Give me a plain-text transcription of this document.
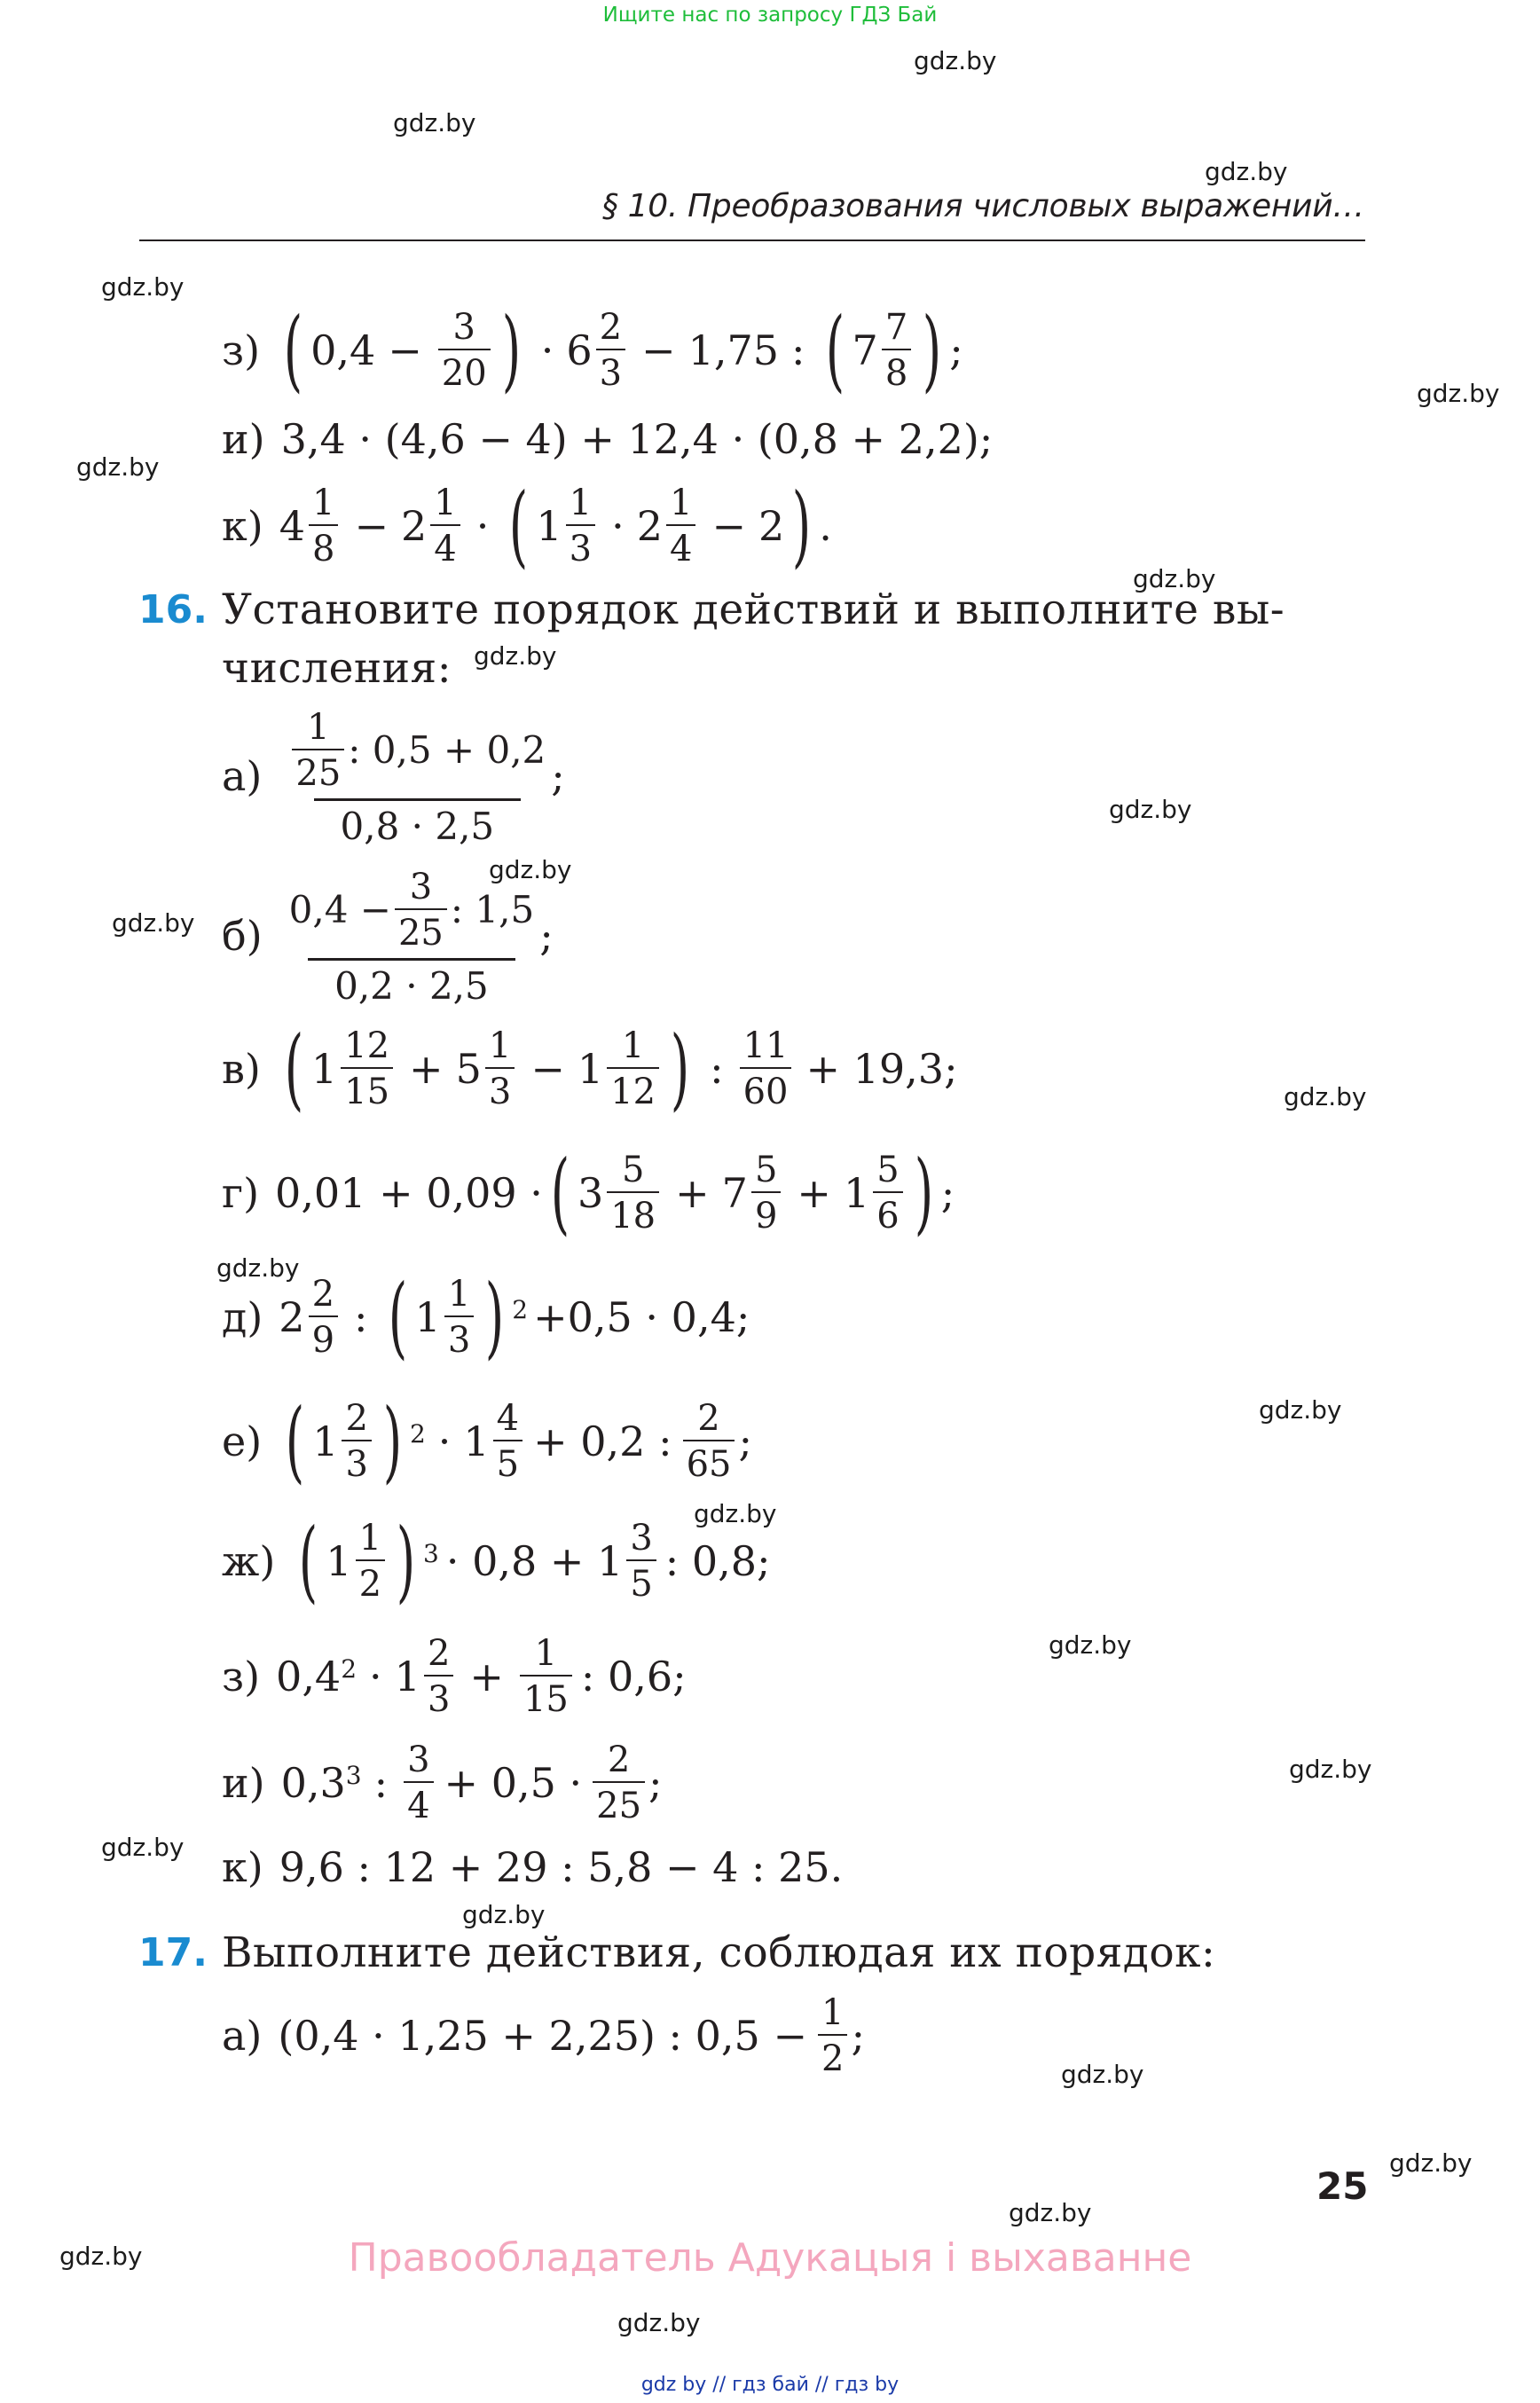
Ищите нас по запросу ГДЗ Бай
gdz.by
gdz.by
gdz.by
gdz.by
gdz.by
gdz.by
gdz.by
gdz.by
gdz.by
gdz.by
gdz.by
gdz.by
gdz.by
gdz.by
gdz.by
gdz.by
gdz.by
gdz.by
gdz.by
gdz.by
gdz.by
gdz.by
gdz.by
gdz.by
§ 10. Преобразования числовых выражений…
з) ( $0,4 - \frac{3}{20}$ ) · $6 \frac{2}{3} - 1,75$ : ( $7 \frac{7}{8}$ ) ;
и) 3,4 · (4,6 − 4) + 12,4 · (0,8 + 2,2);
к) $4 \frac{1}{8} - 2 \frac{1}{4}$ · ( $1 \frac{1}{3} \cdot 2 \frac{1}{4} - 2$ ) .
16. Установите порядок действий и выполните вы-
числения:
$а) \frac{1}{25}$ : 0,5 + 0,2
0,8 · 2,5
;
б)
$0,4 - \frac{3}{25}$ : 1,5
0,2 · 2,5
;
в) ( $1 \frac{12}{15} + 5 \frac{1}{3} - 1 \frac{1}{12}$ ) : $\frac{11}{60} + 19,3$;
г) 0,01 + 0,09 · ( $3 \frac{5}{18} + 7 \frac{5}{9} + 1 \frac{5}{6}$ ) ;
д) $2 \frac{2}{9}$ : ( $1 \frac{1}{3}$ ) 2 +0,5 · 0,4;
е) ( $1 \frac{2}{3}$ ) $2 \cdot 1 \frac{4}{5} + 0,2$ : $\frac{2}{65}$ ;
ж) ( $1 \frac{1}{2}$ ) $3 \cdot 0,8 + 1 \frac{3}{5}$ : 0,8;
з) 0,4 $2 \cdot 1 \frac{2}{3} + \frac{1}{15}$ : 0,6;
и) 0,3 3 : $\frac{3}{4} + 0,5 \cdot \frac{2}{25}$ ;
к) 9,6 : 12 + 29 : 5,8 − 4 : 25.
17. Выполните действия, соблюдая их порядок:
а) (0,4 · 1,25 + 2,25) : $0,5 - \frac{1}{2}$ ;
25
Правообладатель Адукацыя і выхаванне
gdz by // гдз бай // гдз by
